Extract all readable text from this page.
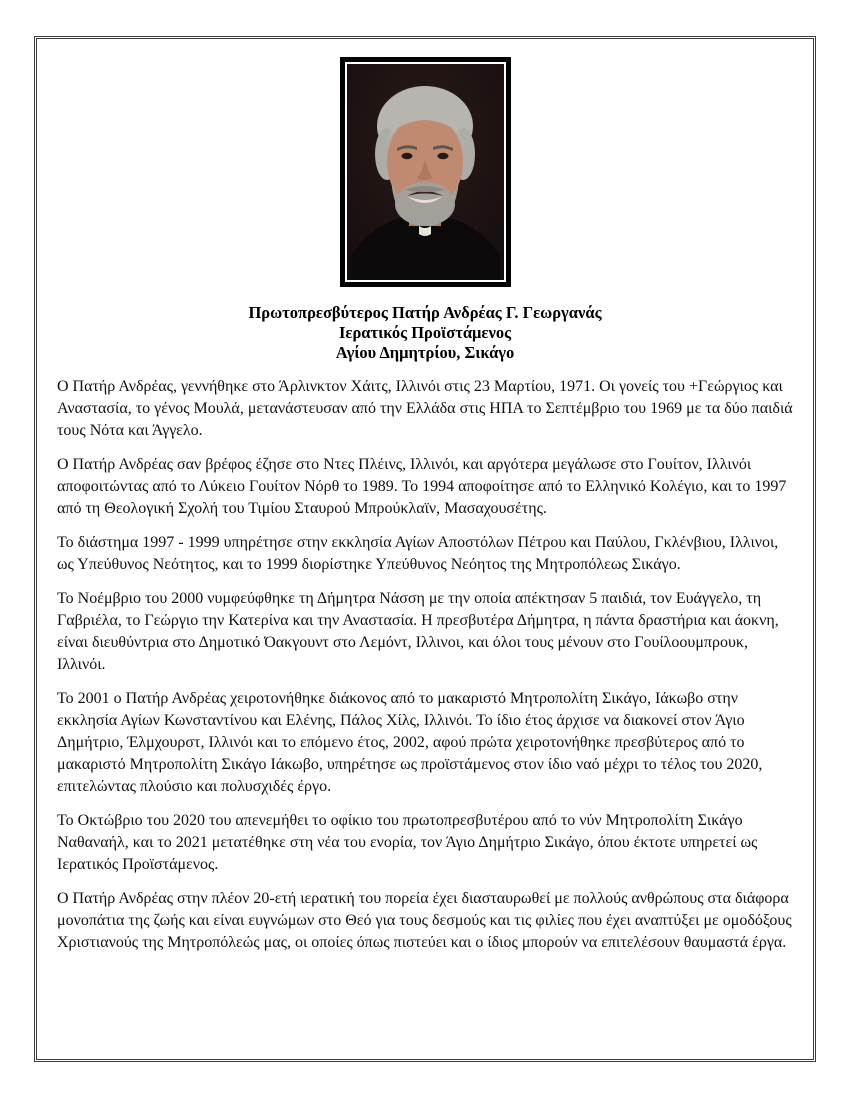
Πρωτοπρεσβύτερος Πατήρ Ανδρέας Γ. Γεωργανάς
Ιερατικός Προϊστάμενος
Αγίου Δημητρίου, Σικάγο

Ο Πατήρ Ανδρέας, γεννήθηκε στο Άρλινκτον Χάιτς, Ιλλινόι στις 23 Μαρτίου, 1971. Οι γονείς του +Γεώργιος και Αναστασία, το γένος Μουλά, μετανάστευσαν από την Ελλάδα στις ΗΠΑ το Σεπτέμβριο του 1969 με τα δύο παιδιά τους Νότα και Άγγελο.

Ο Πατήρ Ανδρέας σαν βρέφος έζησε στο Ντες Πλέινς, Ιλλινόι, και αργότερα μεγάλωσε στο Γουίτον, Ιλλινόι αποφοιτώντας από το Λύκειο Γουίτον Νόρθ το 1989. Το 1994 αποφοίτησε από το Ελληνικό Κολέγιο, και το 1997 από τη Θεολογική Σχολή του Τιμίου Σταυρού Μπρούκλαϊν, Μασαχουσέτης.

Το διάστημα 1997 - 1999 υπηρέτησε στην εκκλησία Αγίων Αποστόλων Πέτρου και Παύλου, Γκλένβιου, Ιλλινοι, ως Υπεύθυνος Νεότητος, και το 1999 διορίστηκε Υπεύθυνος Νεόητος της Μητροπόλεως Σικάγο.

Το Νοέμβριο του 2000 νυμφεύφθηκε τη Δήμητρα Νάσση με την οποία απέκτησαν 5 παιδιά, τον Ευάγγελο, τη Γαβριέλα, το Γεώργιο την Κατερίνα και την Αναστασία. Η πρεσβυτέρα Δήμητρα, η πάντα δραστήρια και άοκνη, είναι διευθύντρια στο Δημοτικό Όακγουντ στο Λεμόντ, Ιλλινοι, και όλοι τους μένουν στο Γουίλοουμπρουκ, Ιλλινόι.

Το 2001 ο Πατήρ Ανδρέας χειροτονήθηκε διάκονος από το μακαριστό Μητροπολίτη Σικάγο, Ιάκωβο στην εκκλησία Αγίων Κωνσταντίνου και Ελένης, Πάλος Χίλς, Ιλλινόι. Το ίδιο έτος άρχισε να διακονεί στον Άγιο Δημήτριο, Έλμχουρστ, Ιλλινόι και το επόμενο έτος, 2002, αφού πρώτα χειροτονήθηκε πρεσβύτερος από το μακαριστό Μητροπολίτη Σικάγο Ιάκωβο, υπηρέτησε ως προϊστάμενος στον ίδιο ναό μέχρι το τέλος του 2020, επιτελώντας πλούσιο και πολυσχιδές έργο.

Το Οκτώβριο του 2020 του απενεμήθει το οφίκιο του πρωτοπρεσβυτέρου από το νύν Μητροπολίτη Σικάγο Ναθαναήλ, και το 2021 μετατέθηκε στη νέα του ενορία, τον Άγιο Δημήτριο Σικάγο, όπου έκτοτε υπηρετεί ως Ιερατικός Προϊστάμενος.

Ο Πατήρ Ανδρέας στην πλέον 20-ετή ιερατική του πορεία έχει διασταυρωθεί με πολλούς ανθρώπους στα διάφορα μονοπάτια της ζωής και είναι ευγνώμων στο Θεό για τους δεσμούς και τις φιλίες που έχει αναπτύξει με ομοδόξους Χριστιανούς της Μητροπόλεώς μας, οι οποίες όπως πιστεύει και ο ίδιος μπορούν να επιτελέσουν θαυμαστά έργα.
